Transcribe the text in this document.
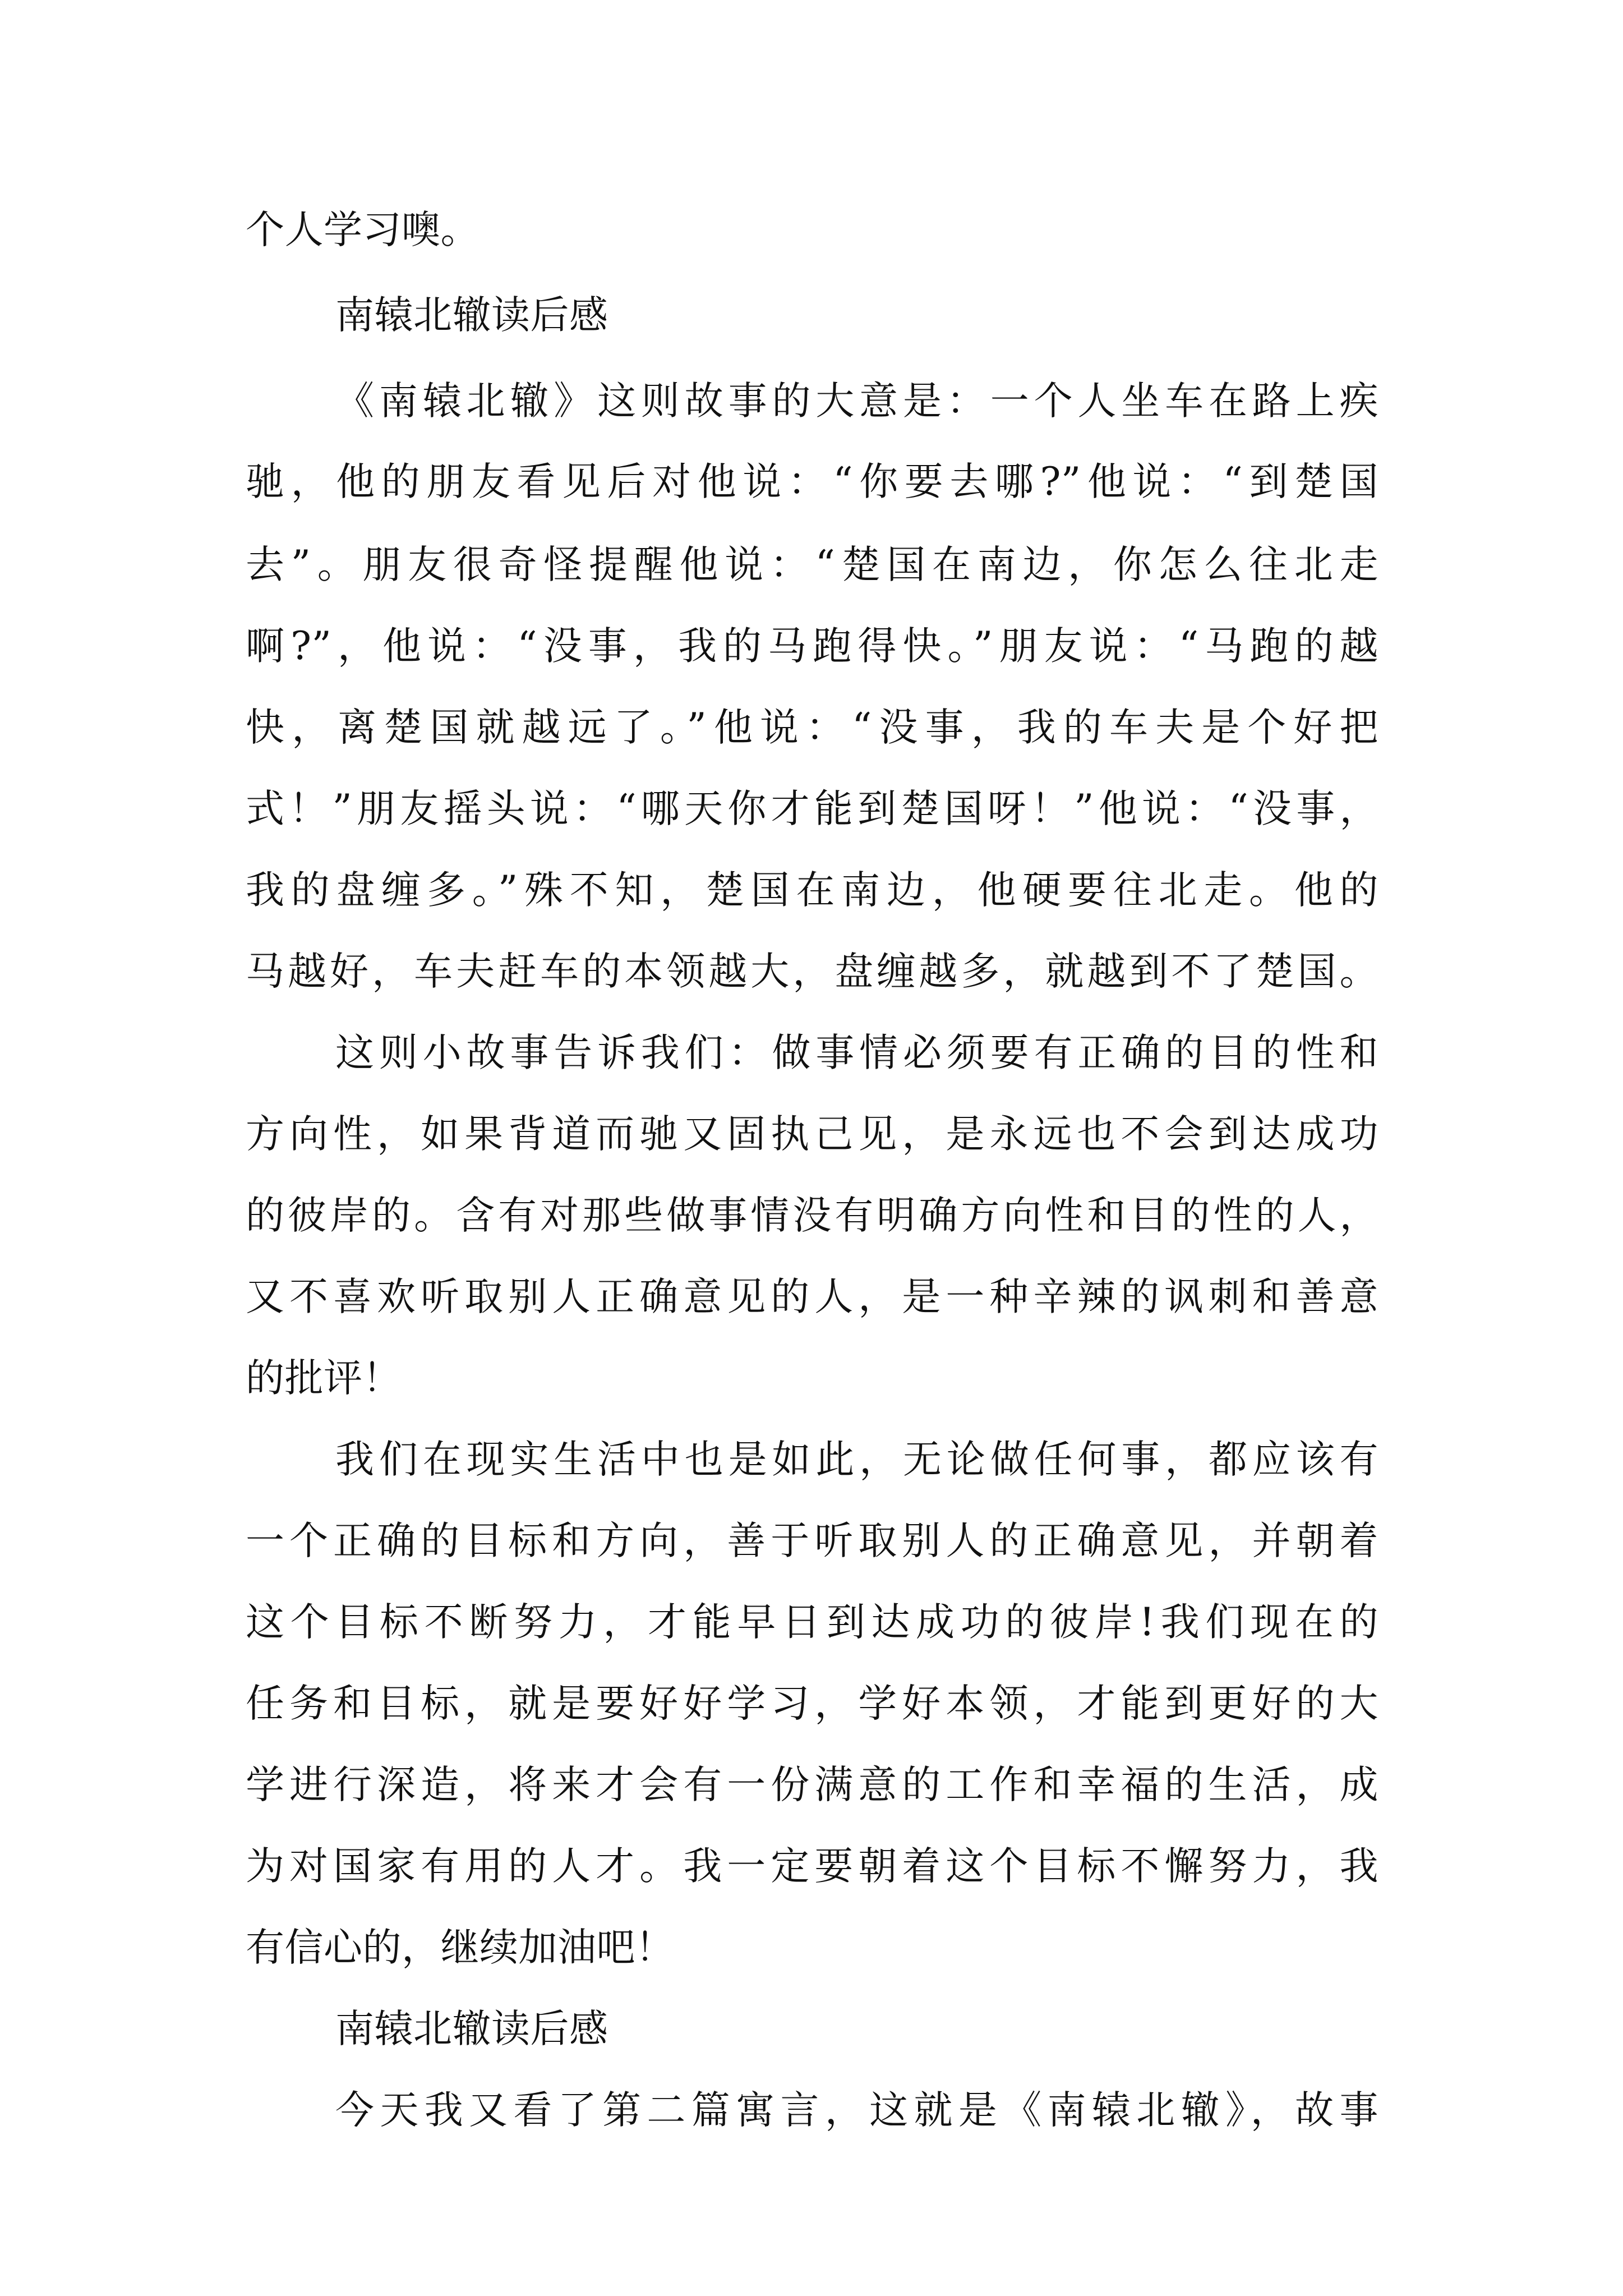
个人学习噢。
南辕北辙读后感
《南辕北辙》这则故事的大意是：一个人坐车在路上疾
驰，他的朋友看见后对他说：“你要去哪?”他说：“到楚国
去”。朋友很奇怪提醒他说：“楚国在南边，你怎么往北走
啊?”，他说：“没事，我的马跑得快。”朋友说：“马跑的越
快，离楚国就越远了。”他说：“没事，我的车夫是个好把
式！”朋友摇头说：“哪天你才能到楚国呀！”他说：“没事，
我的盘缠多。”殊不知，楚国在南边，他硬要往北走。他的
马越好，车夫赶车的本领越大，盘缠越多，就越到不了楚国。
这则小故事告诉我们：做事情必须要有正确的目的性和
方向性，如果背道而驰又固执己见，是永远也不会到达成功
的彼岸的。含有对那些做事情没有明确方向性和目的性的人，
又不喜欢听取别人正确意见的人，是一种辛辣的讽刺和善意
的批评！
我们在现实生活中也是如此，无论做任何事，都应该有
一个正确的目标和方向，善于听取别人的正确意见，并朝着
这个目标不断努力，才能早日到达成功的彼岸!我们现在的
任务和目标，就是要好好学习，学好本领，才能到更好的大
学进行深造，将来才会有一份满意的工作和幸福的生活，成
为对国家有用的人才。我一定要朝着这个目标不懈努力，我
有信心的，继续加油吧！
南辕北辙读后感
今天我又看了第二篇寓言，这就是《南辕北辙》，故事
